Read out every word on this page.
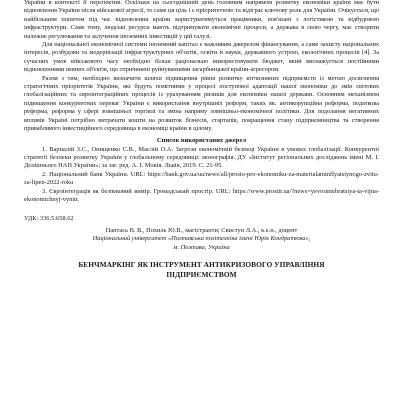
України в контексті її перспектив. Оскільки на сьогоднішній день головним напрямом розвитку економіки країни має бути відновлення України після військової агресії, то саме ця ціль і є пріоритетною та відіграє ключову роль для України. Очікується, що найбільшим попитом під час відновлення країни користуватимуться працівники, пов'язані з логістикою та відбудовою інфраструктури. Саме тому, людські ресурси мають підтримувати економічні процеси, а держава в свою чергу, має створити належне регулювання та залучення іноземних інвестицій у цій галузі.

Для національної економічної системи іноземний капітал є важливим джерелом фінансування, а саме захисту національних інтересів, розбудови та модернізації інфраструктурних об'єктів, освіти й науки, державного устрою, екологічних процесів [4]. За сучасних умов військового часу необхідно більш раціонально використовувати бюджет, який виснажується постійними відновленнями певних об'єктів, що спричинені руйнуваннями загарбницької країни-агресором.

Разом з тим, необхідно визначити шляхи підвищення рівня розвитку вітчизняних підприємств із метою досягнення стратегічних пріоритетів України, які будуть помітними у процесі поступової адаптації нашої економіки до змін світових глобалізаційних та євроінтеграційних процесів із урахуванням ризиків для економіки нашої держави. Основним механізмом підвищення конкурентних переваг України є використання внутрішніх реформ, таких як: антикорупційна реформа, податкова реформа, реформа у сфері зовнішньої торгівлі та зміна напряму зовнішньо-економічної політики. Для подолання негативних впливів Україні потрібно витрачати кошти на розвиток бізнесів, стартапів, покращення стану підприємництва та створення привабливого інвестиційного середовища в економіці країни в цілому.

Список використаних джерел
1. Варналій З.С., Онищенко С.В., Маслій О.А. Загрози економічній безпеці України в умовах глобалізації. Конкурентні стратегії безпеки розвитку України у глобальному середовищі: монографія. ДУ «Інститут регіональних досліджень імені М. І. Долішнього НАН України»; за заг. ред. А. І. Мокія. Львів, 2019. С. 21-95.
2. Національний банк України. URL: https://bank.gov.ua/ua/news/all/prosto-pro-ekonomiku-za-materialaminflyatsiynogo-zvitu-za-lipen-2022-roku
3. Євроінтеграція як безпековий вимір. Громадський простір. URL: https://www.prostir.ua/?news=yevrointehratsiya-ta-vijna-ekonomichnyj-vymir.
УДК: 336.5:658.62
Пантась В. В., Похиль Ю.В., магістранти; Свистун Л.А., к.е.н., доцент
Національний університет «Полтавська політехніка імені Юрія Кондратюка»,
м. Полтава, Україна
БЕНЧМАРКІНГ ЯК ІНСТРУМЕНТ АНТИКРИЗОВОГО УПРАВЛІННЯ
ПІДПРИЄМСТВОМ
